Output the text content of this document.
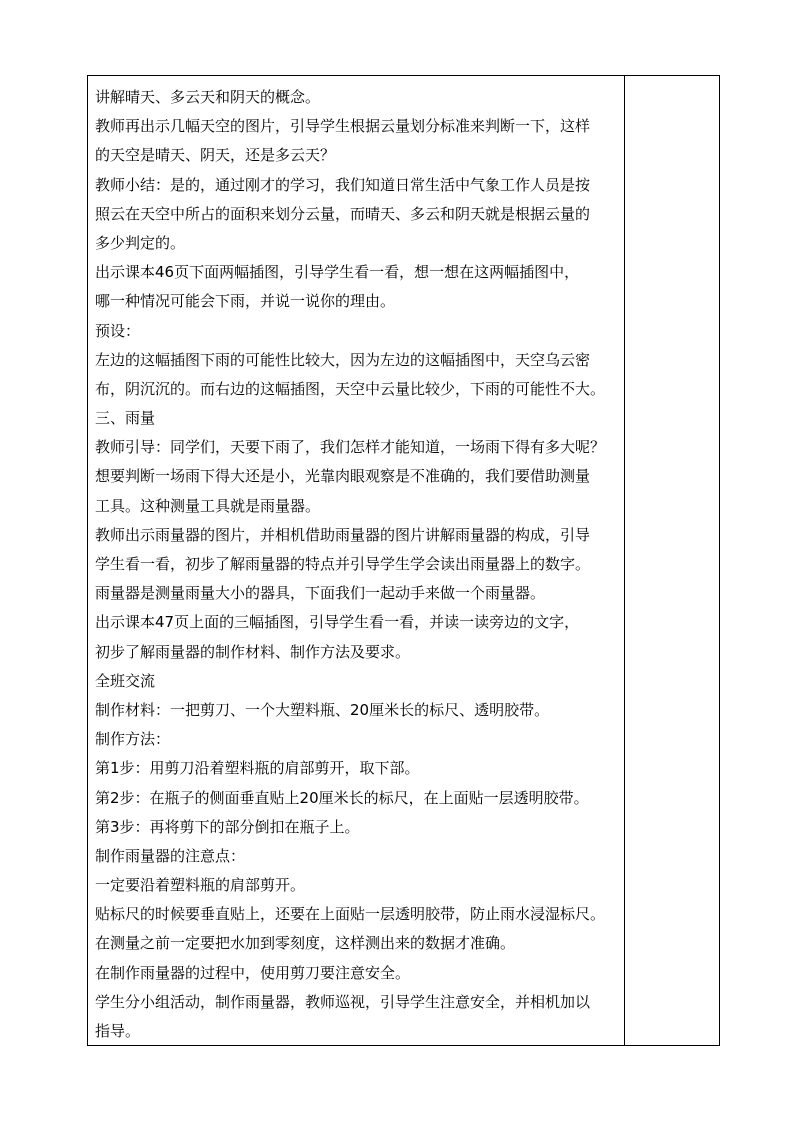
讲解晴天、多云天和阴天的概念。
教师再出示几幅天空的图片，引导学生根据云量划分标准来判断一下，这样
的天空是晴天、阴天，还是多云天？
教师小结：是的，通过刚才的学习，我们知道日常生活中气象工作人员是按
照云在天空中所占的面积来划分云量，而晴天、多云和阴天就是根据云量的
多少判定的。
出示课本46页下面两幅插图，引导学生看一看，想一想在这两幅插图中，
哪一种情况可能会下雨，并说一说你的理由。
预设：
左边的这幅插图下雨的可能性比较大，因为左边的这幅插图中，天空乌云密
布，阴沉沉的。而右边的这幅插图，天空中云量比较少，下雨的可能性不大。
三、雨量
教师引导：同学们，天要下雨了，我们怎样才能知道，一场雨下得有多大呢？
想要判断一场雨下得大还是小，光靠肉眼观察是不准确的，我们要借助测量
工具。这种测量工具就是雨量器。
教师出示雨量器的图片，并相机借助雨量器的图片讲解雨量器的构成，引导
学生看一看，初步了解雨量器的特点并引导学生学会读出雨量器上的数字。
雨量器是测量雨量大小的器具，下面我们一起动手来做一个雨量器。
出示课本47页上面的三幅插图，引导学生看一看，并读一读旁边的文字，
初步了解雨量器的制作材料、制作方法及要求。
全班交流
制作材料：一把剪刀、一个大塑料瓶、20厘米长的标尺、透明胶带。
制作方法：
第1步：用剪刀沿着塑料瓶的肩部剪开，取下部。
第2步：在瓶子的侧面垂直贴上20厘米长的标尺，在上面贴一层透明胶带。
第3步：再将剪下的部分倒扣在瓶子上。
制作雨量器的注意点：
一定要沿着塑料瓶的肩部剪开。
贴标尺的时候要垂直贴上，还要在上面贴一层透明胶带，防止雨水浸湿标尺。
在测量之前一定要把水加到零刻度，这样测出来的数据才准确。
在制作雨量器的过程中，使用剪刀要注意安全。
学生分小组活动，制作雨量器，教师巡视，引导学生注意安全，并相机加以
指导。
